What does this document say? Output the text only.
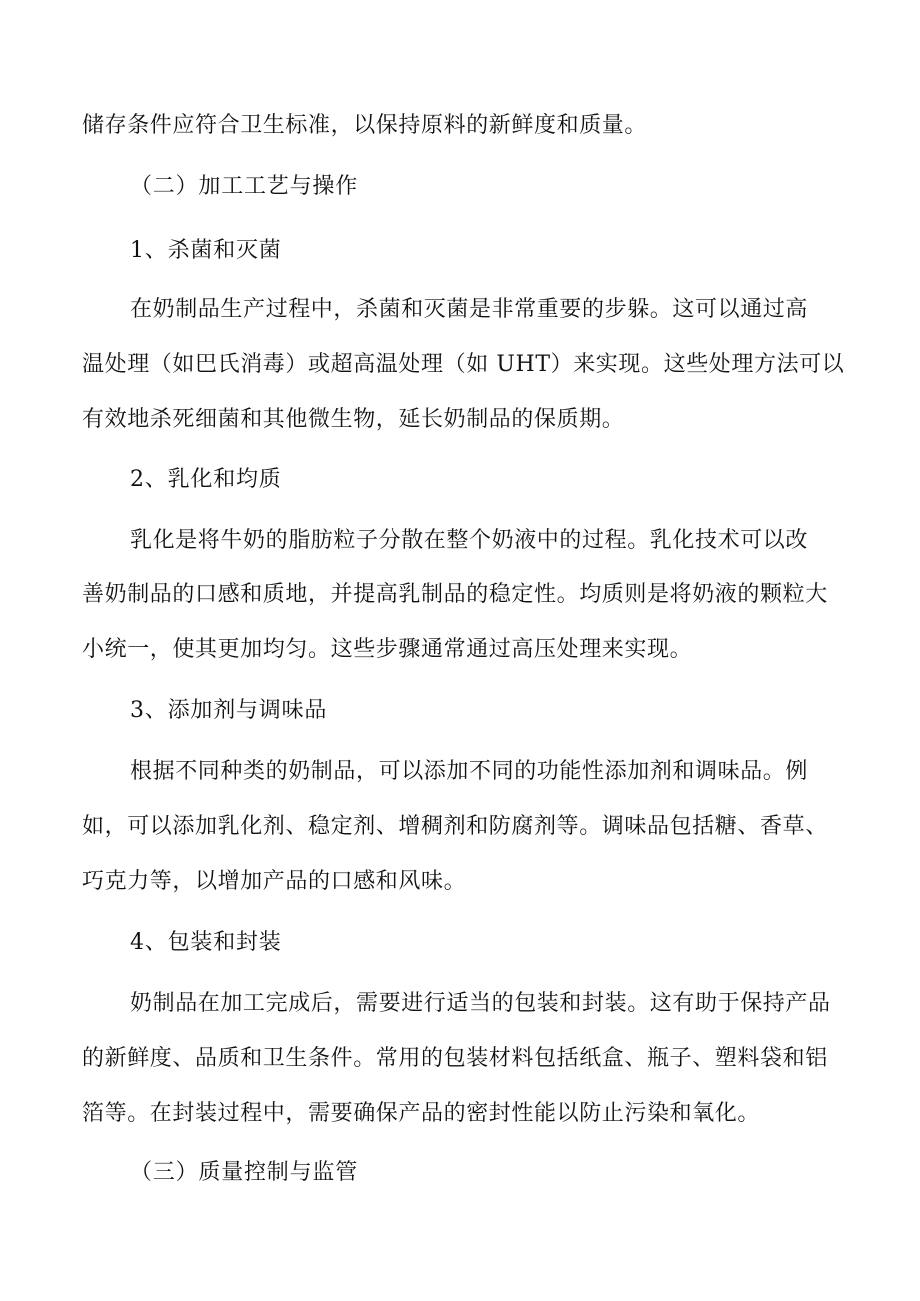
储存条件应符合卫生标准，以保持原料的新鲜度和质量。
（二）加工工艺与操作
1、杀菌和灭菌
在奶制品生产过程中，杀菌和灭菌是非常重要的步躲。这可以通过高
温处理（如巴氏消毒）或超高温处理（如 UHT）来实现。这些处理方法可以
有效地杀死细菌和其他微生物，延长奶制品的保质期。
2、乳化和均质
乳化是将牛奶的脂肪粒子分散在整个奶液中的过程。乳化技术可以改
善奶制品的口感和质地，并提高乳制品的稳定性。均质则是将奶液的颗粒大
小统一，使其更加均匀。这些步骤通常通过高压处理来实现。
3、添加剂与调味品
根据不同种类的奶制品，可以添加不同的功能性添加剂和调味品。例
如，可以添加乳化剂、稳定剂、增稠剂和防腐剂等。调味品包括糖、香草、
巧克力等，以增加产品的口感和风味。
4、包装和封装
奶制品在加工完成后，需要进行适当的包装和封装。这有助于保持产品
的新鲜度、品质和卫生条件。常用的包装材料包括纸盒、瓶子、塑料袋和铝
箔等。在封装过程中，需要确保产品的密封性能以防止污染和氧化。
（三）质量控制与监管
